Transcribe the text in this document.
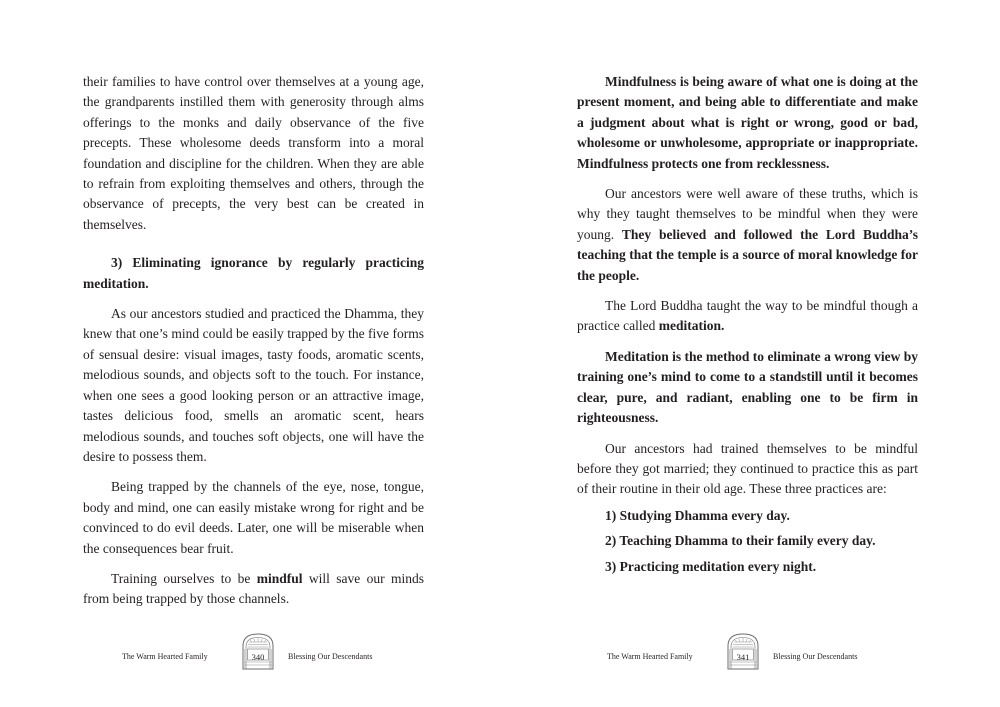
their families to have control over themselves at a young age, the grandparents instilled them with generosity through alms offerings to the monks and daily observance of the five precepts. These wholesome deeds transform into a moral foundation and discipline for the children. When they are able to refrain from exploiting themselves and others, through the observance of precepts, the very best can be created in themselves.

3) Eliminating ignorance by regularly practicing meditation.

As our ancestors studied and practiced the Dhamma, they knew that one’s mind could be easily trapped by the five forms of sensual desire: visual images, tasty foods, aromatic scents, melodious sounds, and objects soft to the touch. For instance, when one sees a good looking person or an attractive image, tastes delicious food, smells an aromatic scent, hears melodious sounds, and touches soft objects, one will have the desire to possess them.

Being trapped by the channels of the eye, nose, tongue, body and mind, one can easily mistake wrong for right and be convinced to do evil deeds. Later, one will be miserable when the consequences bear fruit.

Training ourselves to be mindful will save our minds from being trapped by those channels.

The Warm Hearted Family	340	Blessing Our Descendants

Mindfulness is being aware of what one is doing at the present moment, and being able to differentiate and make a judgment about what is right or wrong, good or bad, wholesome or unwholesome, appropriate or inappropriate. Mindfulness protects one from recklessness.

Our ancestors were well aware of these truths, which is why they taught themselves to be mindful when they were young. They believed and followed the Lord Buddha’s teaching that the temple is a source of moral knowledge for the people.

The Lord Buddha taught the way to be mindful though a practice called meditation.

Meditation is the method to eliminate a wrong view by training one’s mind to come to a standstill until it becomes clear, pure, and radiant, enabling one to be firm in righteousness.

Our ancestors had trained themselves to be mindful before they got married; they continued to practice this as part of their routine in their old age. These three practices are:

1) Studying Dhamma every day.

2) Teaching Dhamma to their family every day.

3) Practicing meditation every night.

The Warm Hearted Family	341	Blessing Our Descendants
